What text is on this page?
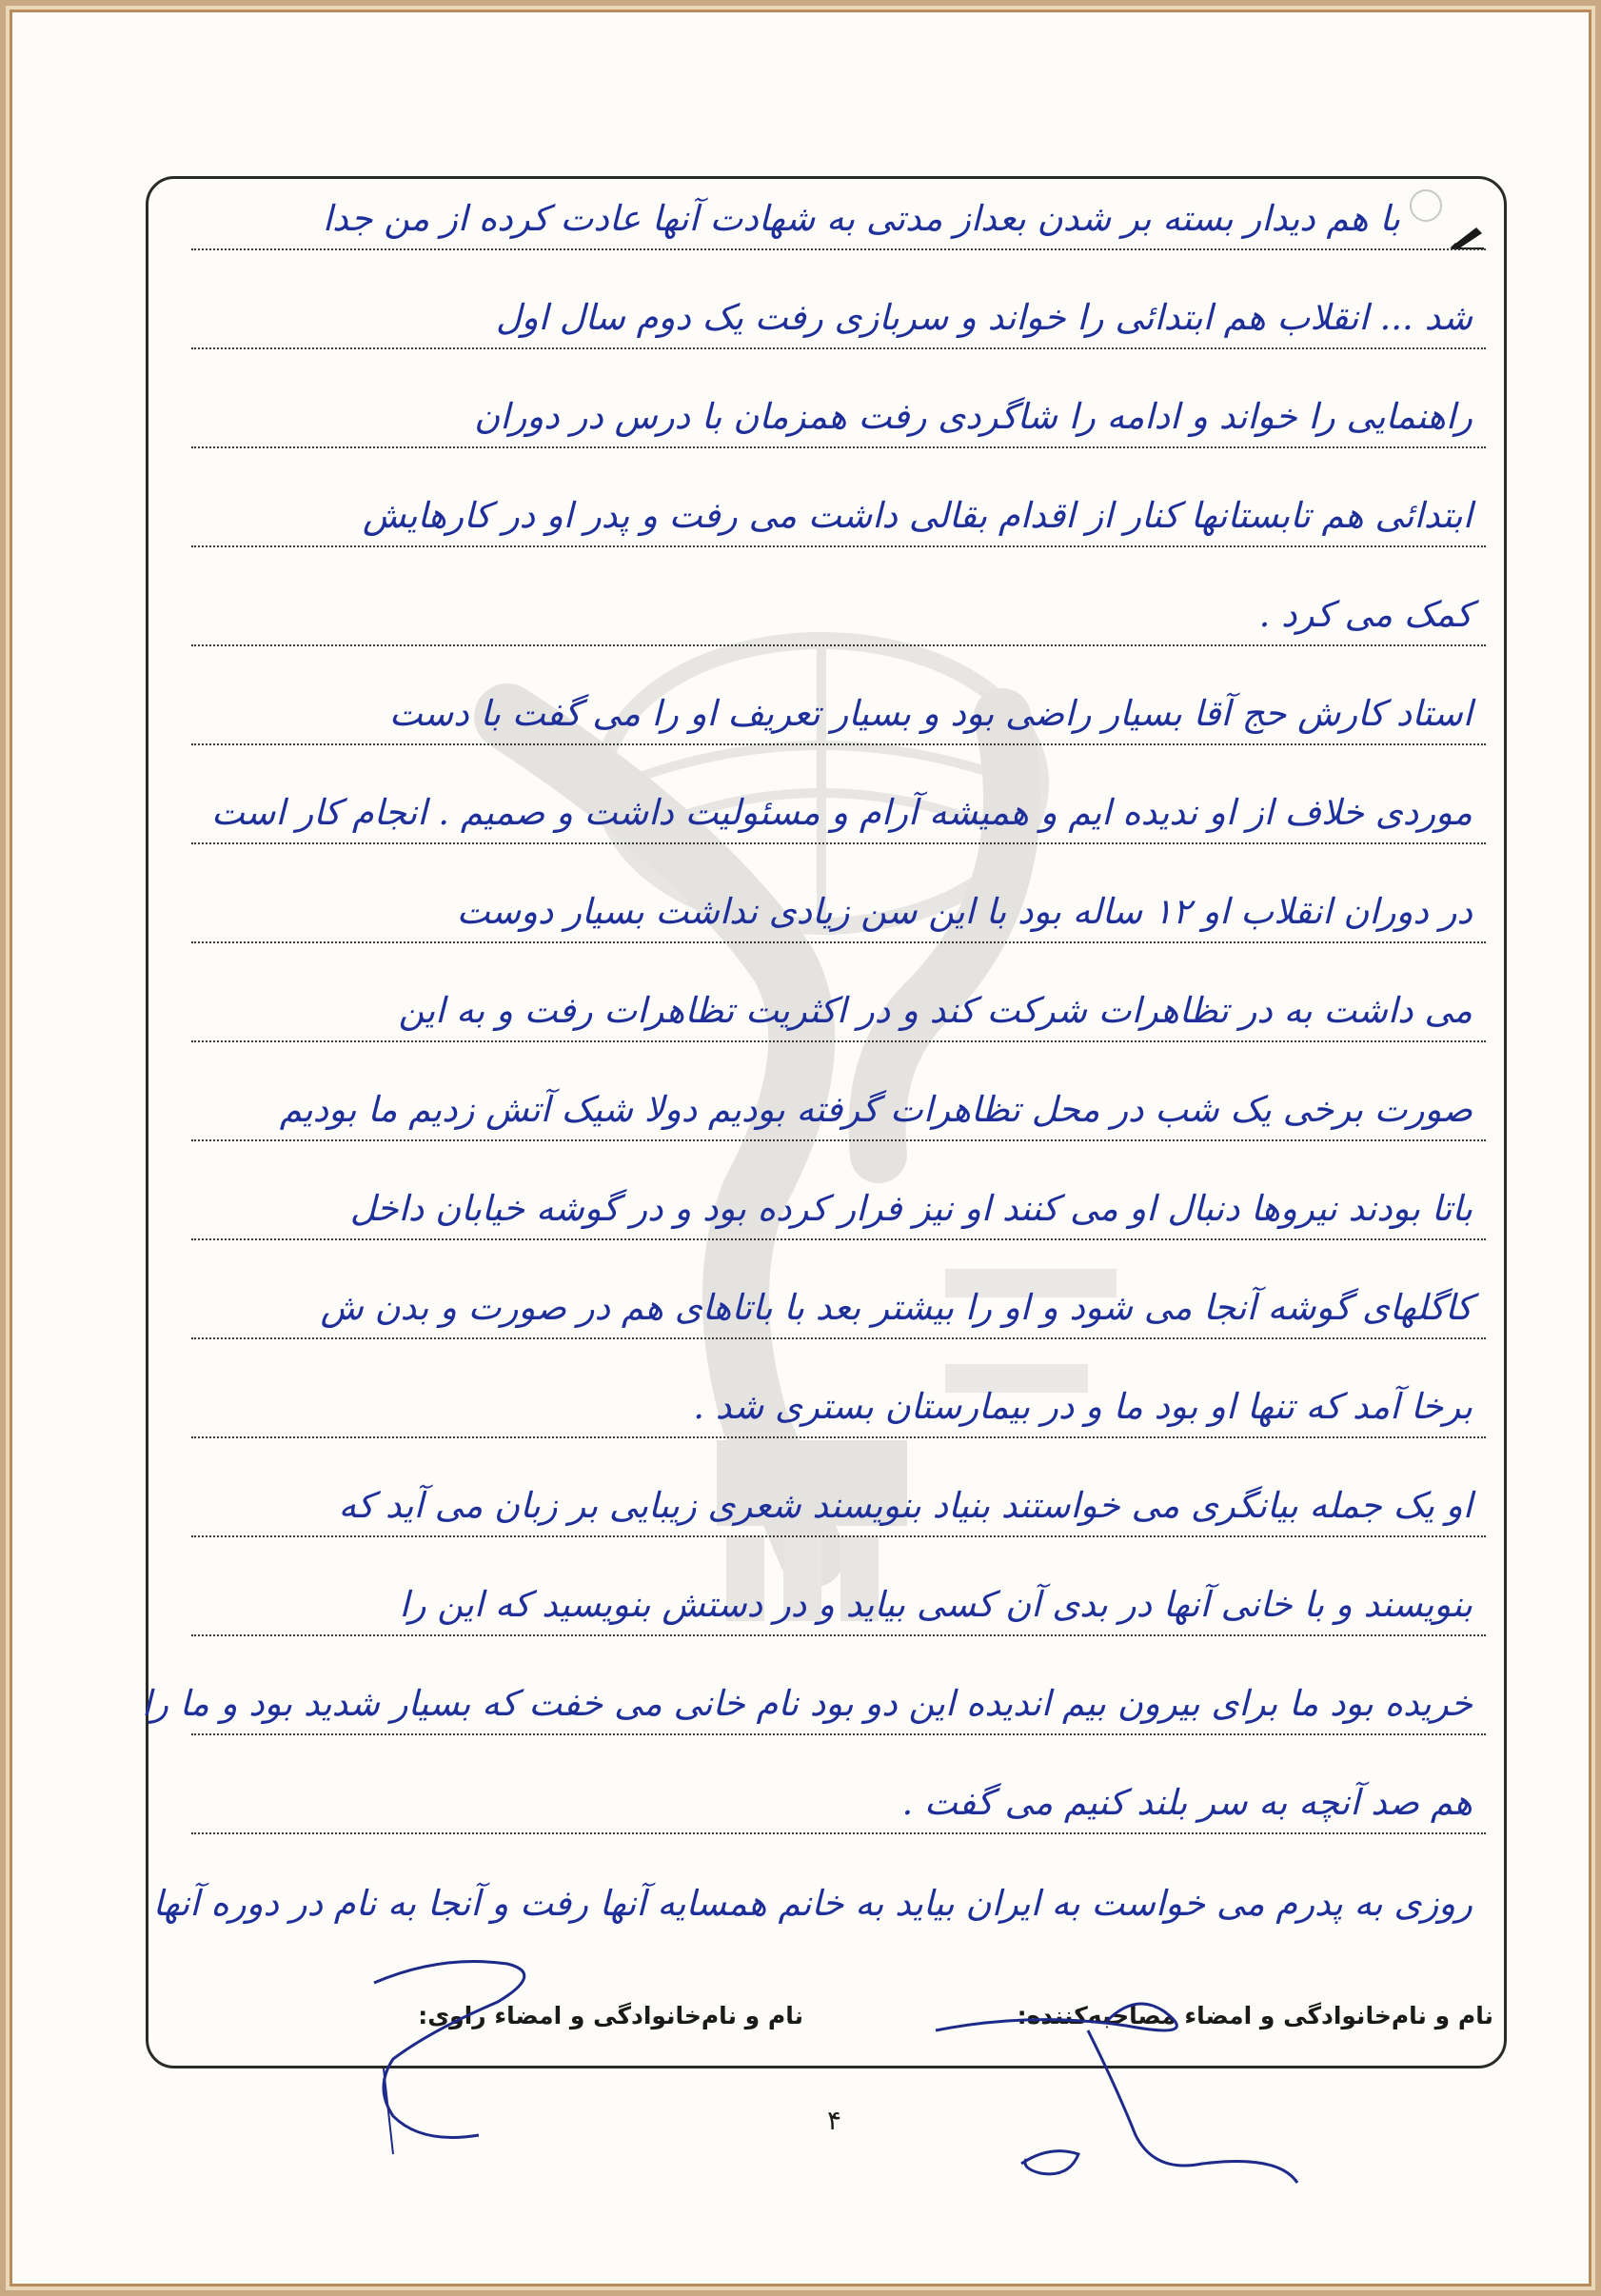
با هم دیدار بسته بر شدن بعداز مدتی به شهادت آنها عادت کرده از من جدا
شد ... انقلاب هم ابتدائی را خواند و سربازی رفت یک دوم سال اول
راهنمایی را خواند و ادامه را شاگردی رفت همزمان با درس در دوران
ابتدائی هم تابستانها کنار از اقدام بقالی داشت می رفت و پدر او در کارهایش
کمک می کرد .
استاد کارش حج آقا بسیار راضی بود و بسیار تعریف او را می گفت با دست
موردی خلاف از او ندیده ایم و همیشه آرام و مسئولیت داشت و صمیم . انجام کار است
در دوران انقلاب او ۱۲ ساله بود با این سن زیادی نداشت بسیار دوست
می داشت به در تظاهرات شرکت کند و در اکثریت تظاهرات رفت و به این
صورت برخی یک شب در محل تظاهرات گرفته بودیم دولا شیک آتش زدیم ما بودیم
باتا بودند نیروها دنبال او می کنند او نیز فرار کرده بود و در گوشه خیابان داخل
کاگلهای گوشه آنجا می شود و او را بیشتر بعد با باتاهای هم در صورت و بدن ش
برخا آمد که تنها او بود ما و در بیمارستان بستری شد .
او یک جمله بیانگری می خواستند بنیاد بنویسند شعری زیبایی بر زبان می آید که
بنویسند و با خانی آنها در بدی آن کسی بیاید و در دستش بنویسید که این را
خریده بود ما برای بیرون بیم اندیده این دو بود نام خانی می خفت که بسیار شدید بود و ما را
هم صد آنچه به سر بلند کنیم می گفت .
روزی به پدرم می خواست به ایران بیاید به خانم همسایه آنها رفت و آنجا به نام در دوره آنها
نام و نام‌خانوادگی و امضاء مصاحبه‌کننده:
نام و نام‌خانوادگی و امضاء راوی:
۴
